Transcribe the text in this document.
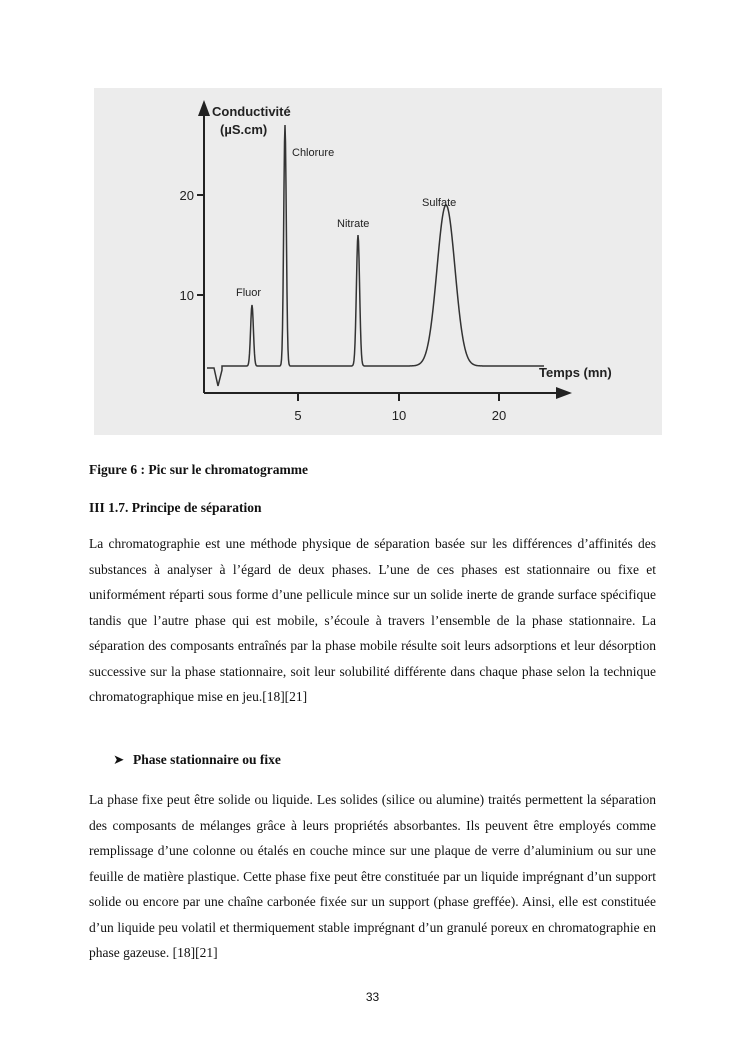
20
10
5	10	20
Conductivité
(µS.cm)
Temps (mn)
Fluor
Chlorure
Nitrate
Sulfate
Figure 6 : Pic sur le chromatogramme
III 1.7. Principe de séparation
La chromatographie est une méthode physique de séparation basée sur les différences d’affinités des substances à analyser à l’égard de deux phases. L’une de ces phases est stationnaire ou fixe et uniformément réparti sous forme d’une pellicule mince sur un solide inerte de grande surface spécifique tandis que l’autre phase qui est mobile, s’écoule à travers l’ensemble de la phase stationnaire. La séparation des composants entraînés par la phase mobile résulte soit leurs adsorptions et leur désorption successive sur la phase stationnaire, soit leur solubilité différente dans chaque phase selon la technique chromatographique mise en jeu.[18][21]
➤ Phase stationnaire ou fixe
La phase fixe peut être solide ou liquide. Les solides (silice ou alumine) traités permettent la séparation des composants de mélanges grâce à leurs propriétés absorbantes. Ils peuvent être employés comme remplissage d’une colonne ou étalés en couche mince sur une plaque de verre d’aluminium ou sur une feuille de matière plastique. Cette phase fixe peut être constituée par un liquide imprégnant d’un support solide ou encore par une chaîne carbonée fixée sur un support (phase greffée). Ainsi, elle est constituée d’un liquide peu volatil et thermiquement stable imprégnant d’un granulé poreux en chromatographie en phase gazeuse. [18][21]
33
